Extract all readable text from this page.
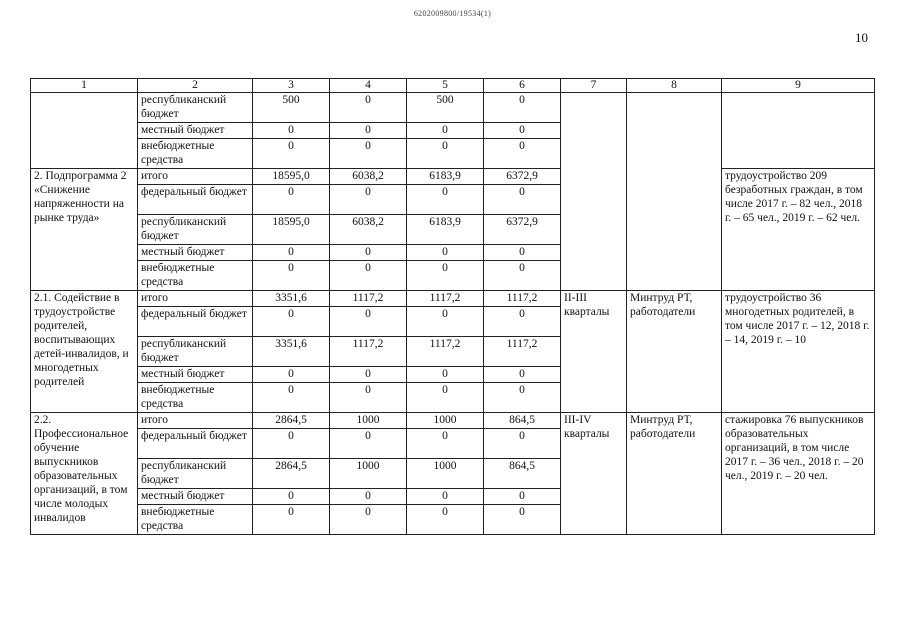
6202009800/19534(1)
10
1	2	3	4	5	6	7	8	9
	республиканский бюджет	500	0	500	0			
	местный бюджет	0	0	0	0			
	внебюджетные средства	0	0	0	0			
2. Подпрограмма 2 «Снижение напряженности на рынке труда»	итого	18595,0	6038,2	6183,9	6372,9			трудоустройство 209 безработных граждан, в том числе 2017 г. – 82 чел., 2018 г. – 65 чел., 2019 г. – 62 чел.
	федеральный бюджет	0	0	0	0			
	республиканский бюджет	18595,0	6038,2	6183,9	6372,9			
	местный бюджет	0	0	0	0			
	внебюджетные средства	0	0	0	0			
2.1. Содействие в трудоустройстве родителей, воспитывающих детей-инвалидов, и многодетных родителей	итого	3351,6	1117,2	1117,2	1117,2	II-III кварталы	Минтруд РТ, работодатели	трудоустройство 36 многодетных родителей, в том числе 2017 г. – 12, 2018 г. – 14, 2019 г. – 10
	федеральный бюджет	0	0	0	0			
	республиканский бюджет	3351,6	1117,2	1117,2	1117,2			
	местный бюджет	0	0	0	0			
	внебюджетные средства	0	0	0	0			
2.2. Профессиональное обучение выпускников образовательных организаций, в том числе молодых инвалидов	итого	2864,5	1000	1000	864,5	III-IV кварталы	Минтруд РТ, работодатели	стажировка 76 выпускников образовательных организаций, в том числе 2017 г. – 36 чел., 2018 г. – 20 чел., 2019 г. – 20 чел.
	федеральный бюджет	0	0	0	0			
	республиканский бюджет	2864,5	1000	1000	864,5			
	местный бюджет	0	0	0	0			
	внебюджетные средства	0	0	0	0			
